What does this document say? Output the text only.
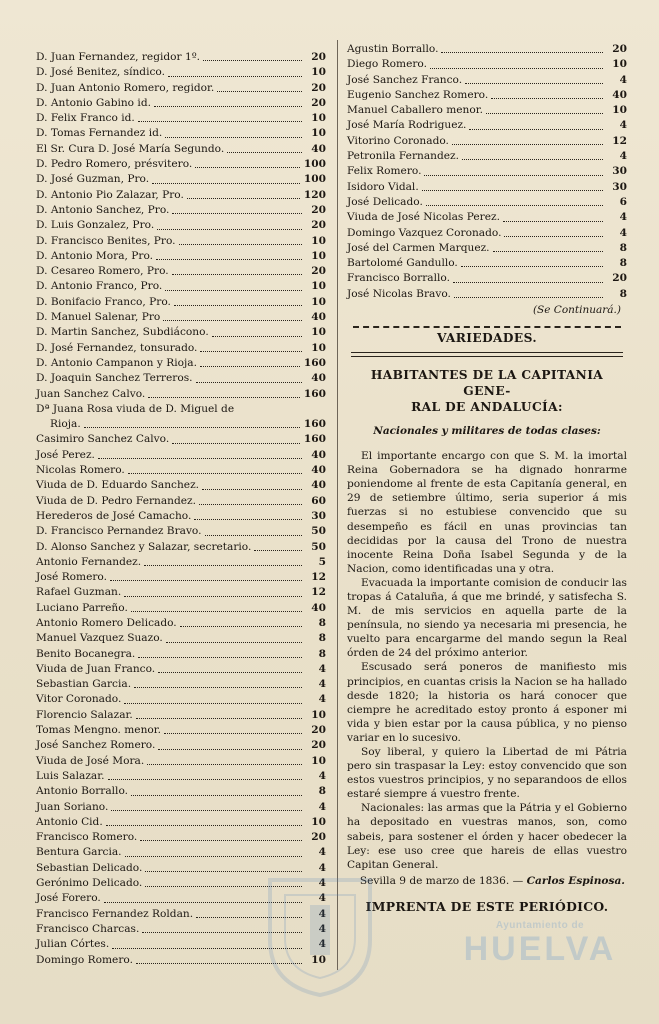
D. Juan Fernandez, regidor 1º.	20
D. José Benitez, síndico.	10
D. Juan Antonio Romero, regidor.	20
D. Antonio Gabino id.	20
D. Felix Franco id.	10
D. Tomas Fernandez id.	10
El Sr. Cura D. José María Segundo.	40
D. Pedro Romero, présvitero.	100
D. José Guzman, Pro.	100
D. Antonio Pio Zalazar, Pro.	120
D. Antonio Sanchez, Pro.	20
D. Luis Gonzalez, Pro.	20
D. Francisco Benites, Pro.	10
D. Antonio Mora, Pro.	10
D. Cesareo Romero, Pro.	20
D. Antonio Franco, Pro.	10
D. Bonifacio Franco, Pro.	10
D. Manuel Salenar, Pro	40
D. Martin Sanchez, Subdiácono.	10
D. José Fernandez, tonsurado.	10
D. Antonio Campanon y Rioja.	160
D. Joaquin Sanchez Terreros.	40
Juan Sanchez Calvo.	160
Dª Juana Rosa viuda de D. Miguel de
Rioja.	160
Casimiro Sanchez Calvo.	160
José Perez.	40
Nicolas Romero.	40
Viuda de D. Eduardo Sanchez.	40
Viuda de D. Pedro Fernandez.	60
Herederos de José Camacho.	30
D. Francisco Pernandez Bravo.	50
D. Alonso Sanchez y Salazar, secretario.	50
Antonio Fernandez.	5
José Romero.	12
Rafael Guzman.	12
Luciano Parreño.	40
Antonio Romero Delicado.	8
Manuel Vazquez Suazo.	8
Benito Bocanegra.	8
Viuda de Juan Franco.	4
Sebastian Garcia.	4
Vitor Coronado.	4
Florencio Salazar.	10
Tomas Mengno. menor.	20
José Sanchez Romero.	20
Viuda de José Mora.	10
Luis Salazar.	4
Antonio Borrallo.	8
Juan Soriano.	4
Antonio Cid.	10
Francisco Romero.	20
Bentura Garcia.	4
Sebastian Delicado.	4
Gerónimo Delicado.	4
José Forero.	4
Francisco Fernandez Roldan.	4
Francisco Charcas.	4
Julian Córtes.	4
Domingo Romero.	10
Agustin Borrallo.	20
Diego Romero.	10
José Sanchez Franco.	4
Eugenio Sanchez Romero.	40
Manuel Caballero menor.	10
José María Rodriguez.	4
Vitorino Coronado.	12
Petronila Fernandez.	4
Felix Romero.	30
Isidoro Vidal.	30
José Delicado.	6
Viuda de José Nicolas Perez.	4
Domingo Vazquez Coronado.	4
José del Carmen Marquez.	8
Bartolomé Gandullo.	8
Francisco Borrallo.	20
José Nicolas Bravo.	8
(Se Continuará.)
VARIEDADES.
HABITANTES DE LA CAPITANIA GENE-
RAL DE ANDALUCÍA:
Nacionales y militares de todas clases:

El importante encargo con que S. M. la imortal Reina Gobernadora se ha dignado honrarme poniendome al frente de esta Capitanía general, en 29 de setiembre último, seria superior á mis fuerzas si no estubiese convencido que su desempeño es fácil en unas provincias tan decididas por la causa del Trono de nuestra inocente Reina Doña Isabel Segunda y de la Nacion, como identificadas una y otra.

Evacuada la importante comision de conducir las tropas á Cataluña, á que me brindé, y satisfecha S. M. de mis servicios en aquella parte de la península, no siendo ya necesaria mi presencia, he vuelto para encargarme del mando segun la Real órden de 24 del próximo anterior.

Escusado será poneros de manifiesto mis principios, en cuantas crisis la Nacion se ha hallado desde 1820; la historia os hará conocer que ciempre he acreditado estoy pronto á esponer mi vida y bien estar por la causa pública, y no pienso variar en lo sucesivo.

Soy liberal, y quiero la Libertad de mi Pátria pero sin traspasar la Ley: estoy convencido que son estos vuestros principios, y no separandoos de ellos estaré siempre á vuestro frente.

Nacionales: las armas que la Pátria y el Gobierno ha depositado en vuestras manos, son, como sabeis, para sostener el órden y hacer obedecer la Ley: ese uso cree que hareis de ellas vuestro Capitan General.

Sevilla 9 de marzo de 1836. — Carlos Espinosa.
IMPRENTA DE ESTE PERIÓDICO.
Ayuntamiento de
HUELVA
